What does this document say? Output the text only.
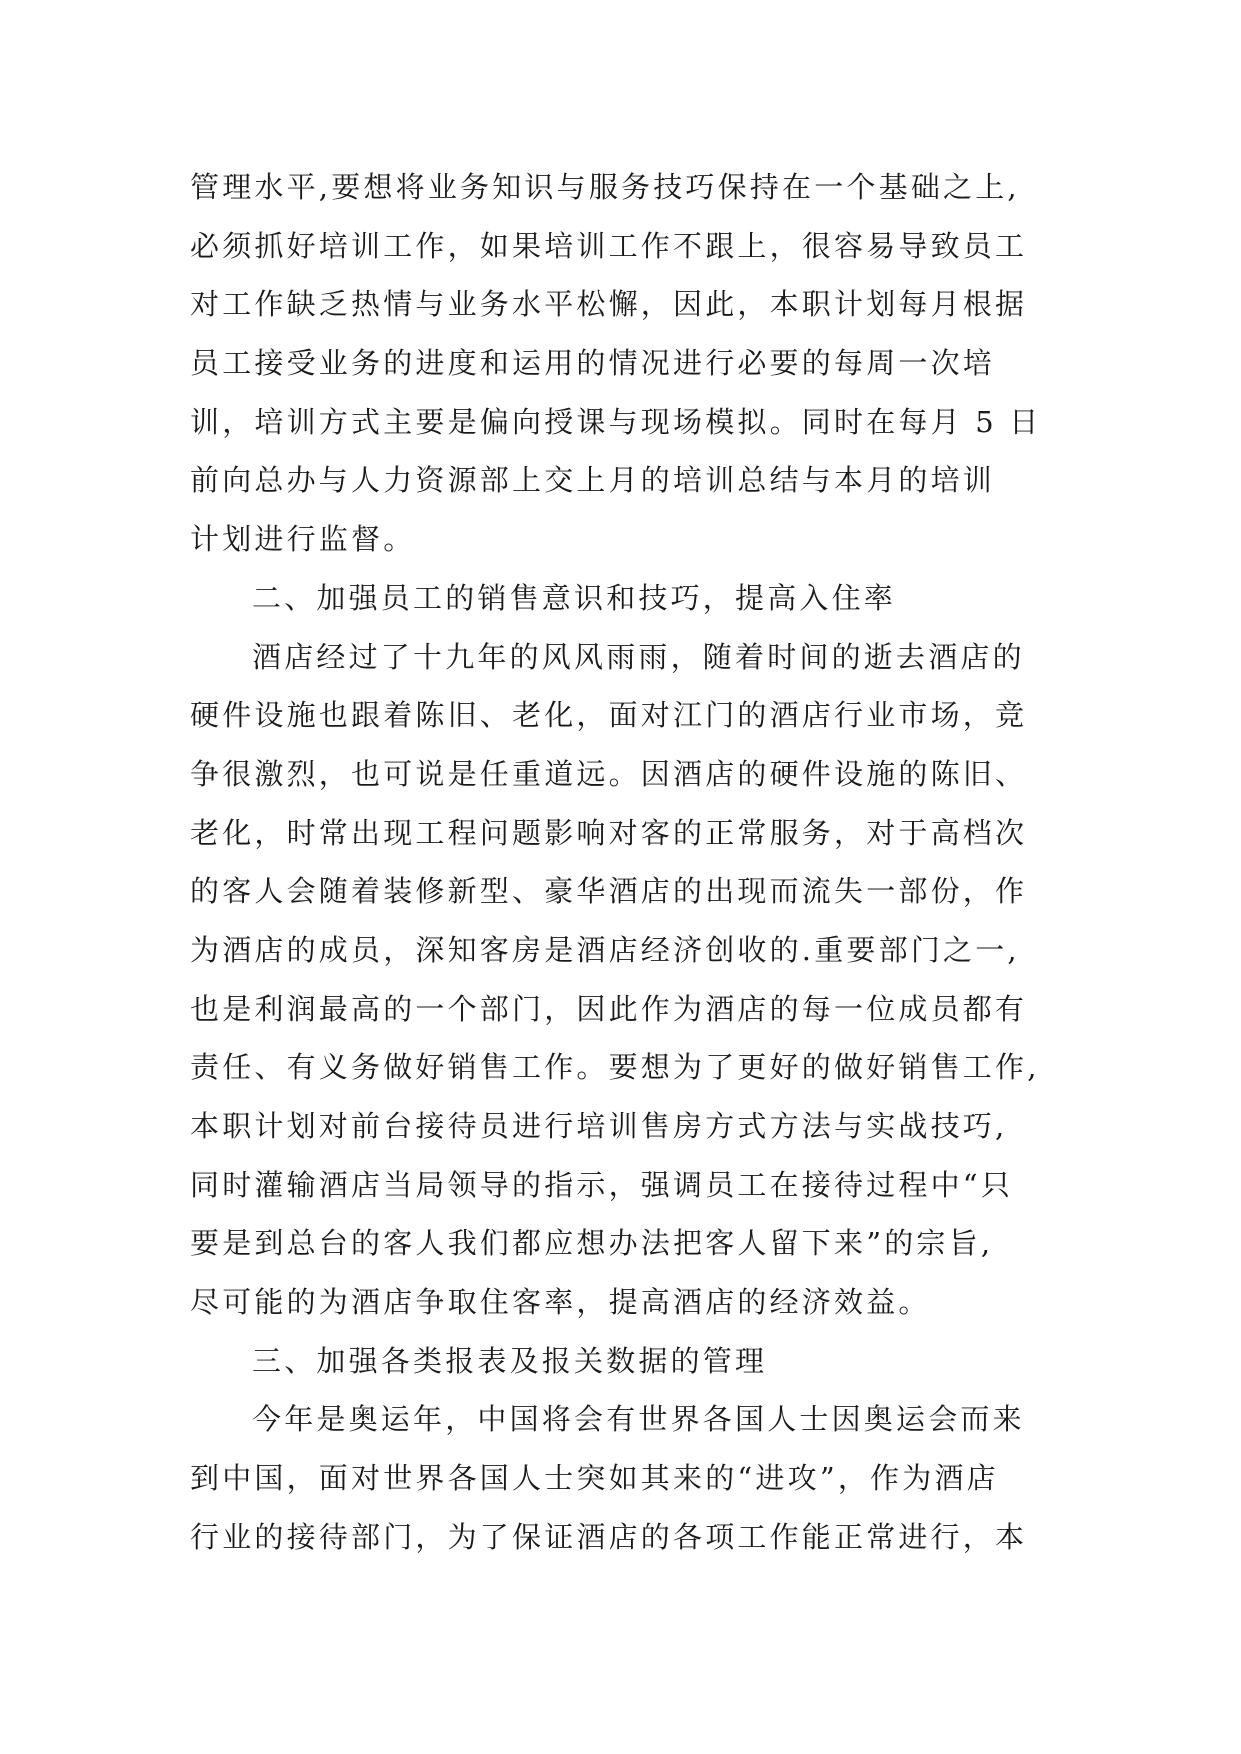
管理水平,要想将业务知识与服务技巧保持在一个基础之上,
必须抓好培训工作，如果培训工作不跟上，很容易导致员工
对工作缺乏热情与业务水平松懈，因此，本职计划每月根据
员工接受业务的进度和运用的情况进行必要的每周一次培
训，培训方式主要是偏向授课与现场模拟。同时在每月 5 日
前向总办与人力资源部上交上月的培训总结与本月的培训
计划进行监督。
二、加强员工的销售意识和技巧，提高入住率
酒店经过了十九年的风风雨雨，随着时间的逝去酒店的
硬件设施也跟着陈旧、老化，面对江门的酒店行业市场，竞
争很激烈，也可说是任重道远。因酒店的硬件设施的陈旧、
老化，时常出现工程问题影响对客的正常服务，对于高档次
的客人会随着装修新型、豪华酒店的出现而流失一部份，作
为酒店的成员，深知客房是酒店经济创收的.重要部门之一,
也是利润最高的一个部门，因此作为酒店的每一位成员都有
责任、有义务做好销售工作。要想为了更好的做好销售工作,
本职计划对前台接待员进行培训售房方式方法与实战技巧,
同时灌输酒店当局领导的指示，强调员工在接待过程中“只
要是到总台的客人我们都应想办法把客人留下来”的宗旨,
尽可能的为酒店争取住客率，提高酒店的经济效益。
三、加强各类报表及报关数据的管理
今年是奥运年，中国将会有世界各国人士因奥运会而来
到中国，面对世界各国人士突如其来的“进攻”，作为酒店
行业的接待部门，为了保证酒店的各项工作能正常进行，本
